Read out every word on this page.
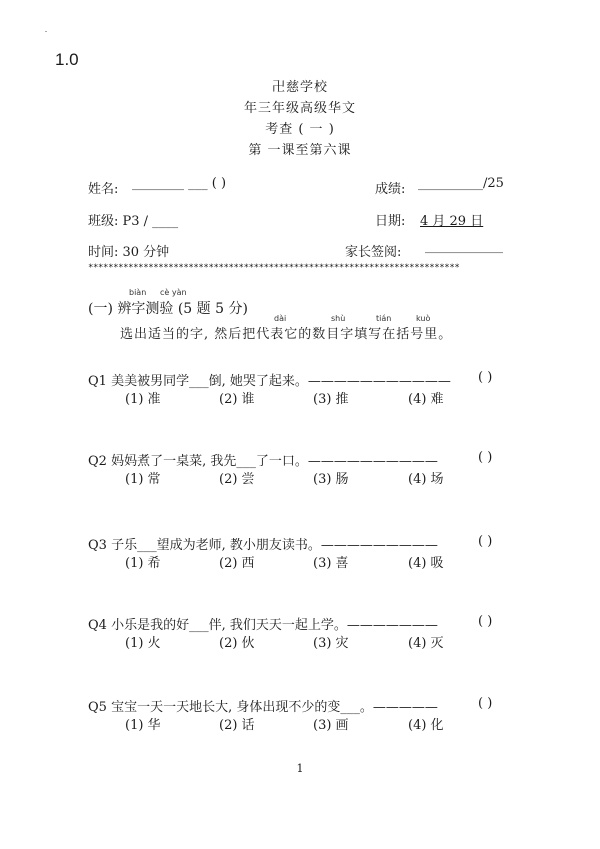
-
1.0
卍慈学校
年三年级高级华文
考查 ( 一 )
第 一课至第六课
姓名: ________ ___ ( )	成绩: __________/25
班级: P3 / ____	日期: 4 月 29 日
时间: 30 分钟	家长签阅: ____________
**************************************************************************
biàn cè yàn
(一) 辨字测验 (5 题 5 分)
dài	shù	tián	kuò
选出适当的字, 然后把代表它的数目字填写在括号里。
Q1 美美被男同学___倒, 她哭了起来。——————————— ( )
(1) 准	(2) 谁	(3) 推	(4) 难
Q2 妈妈煮了一桌菜, 我先___了一口。——————————	( )
(1) 常	(2) 尝	(3) 肠	(4) 场
Q3 子乐___望成为老师, 教小朋友读书。—————————	( )
(1) 希	(2) 西	(3) 喜	(4) 吸
Q4 小乐是我的好___伴, 我们天天一起上学。———————	( )
(1) 火	(2) 伙	(3) 灾	(4) 灭
Q5 宝宝一天一天地长大, 身体出现不少的变___。—————	( )
(1) 华	(2) 话	(3) 画	(4) 化
1
